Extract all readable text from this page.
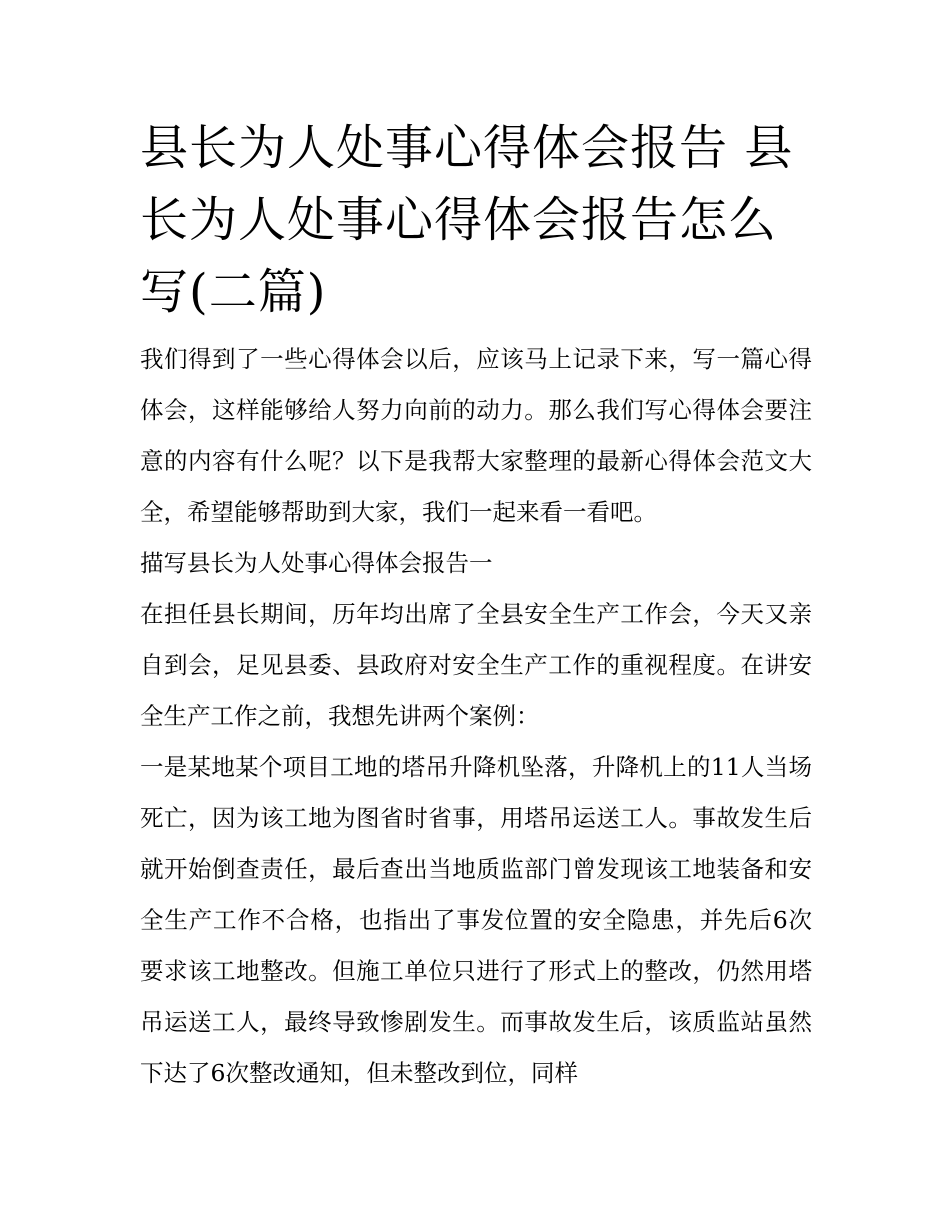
县长为人处事心得体会报告 县长为人处事心得体会报告怎么写(二篇)

我们得到了一些心得体会以后，应该马上记录下来，写一篇心得体会，这样能够给人努力向前的动力。那么我们写心得体会要注意的内容有什么呢？以下是我帮大家整理的最新心得体会范文大全，希望能够帮助到大家，我们一起来看一看吧。

描写县长为人处事心得体会报告一

在担任县长期间，历年均出席了全县安全生产工作会，今天又亲自到会，足见县委、县政府对安全生产工作的重视程度。在讲安全生产工作之前，我想先讲两个案例：

一是某地某个项目工地的塔吊升降机坠落，升降机上的11人当场死亡，因为该工地为图省时省事，用塔吊运送工人。事故发生后就开始倒查责任，最后查出当地质监部门曾发现该工地装备和安全生产工作不合格，也指出了事发位置的安全隐患，并先后6次要求该工地整改。但施工单位只进行了形式上的整改，仍然用塔吊运送工人，最终导致惨剧发生。而事故发生后，该质监站虽然下达了6次整改通知，但未整改到位，同样
